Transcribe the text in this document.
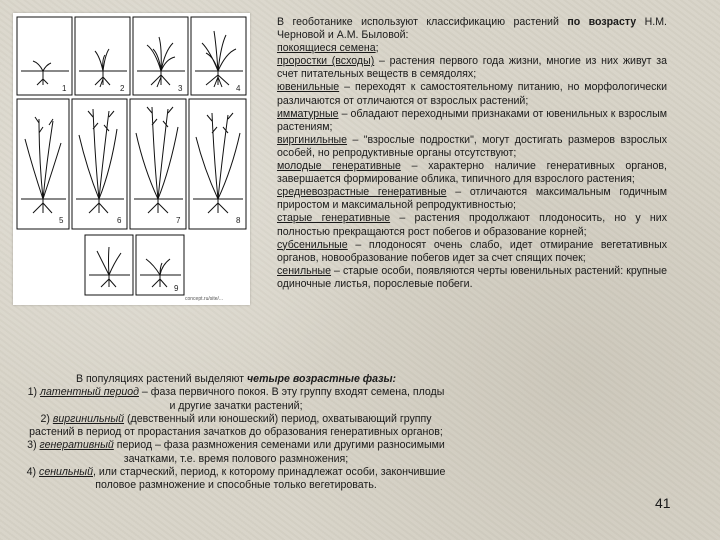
1	2	3	4
5	6	7	8
9
concept.ru/site/...

В геоботанике используют классификацию растений по возрасту Н.М. Черновой и А.М. Быловой:

покоящиеся семена;

проростки (всходы) – растения первого года жизни, многие из них живут за счет питательных веществ в семядолях;

ювенильные – переходят к самостоятельному питанию, но морфологически различаются от отличаются от взрослых растений;

имматурные – обладают переходными признаками от ювенильных к взрослым растениям;

виргинильные – "взрослые подростки", могут достигать размеров взрослых особей, но репродуктивные органы отсутствуют;

молодые генеративные – характерно наличие генеративных органов, завершается формирование облика, типичного для взрослого растения;

средневозрастные генеративные – отличаются максимальным годичным приростом и максимальной репродуктивностью;

старые генеративные – растения продолжают плодоносить, но у них полностью прекращаются рост побегов и образование корней;

субсенильные – плодоносят очень слабо, идет отмирание вегетативных органов, новообразование побегов идет за счет спящих почек;

сенильные – старые особи, появляются черты ювенильных растений: крупные одиночные листья, порослевые побеги.

В популяциях растений выделяют четыре возрастные фазы:

1) латентный период – фаза первичного покоя. В эту группу входят семена, плоды и другие зачатки растений;

2) виргинильный (девственный или юношеский) период, охватывающий группу растений в период от прорастания зачатков до образования генеративных органов;

3) генеративный период – фаза размножения семенами или другими разносимыми зачатками, т.е. время полового размножения;

4) сенильный, или старческий, период, к которому принадлежат особи, закончившие половое размножение и способные только вегетировать.

41
